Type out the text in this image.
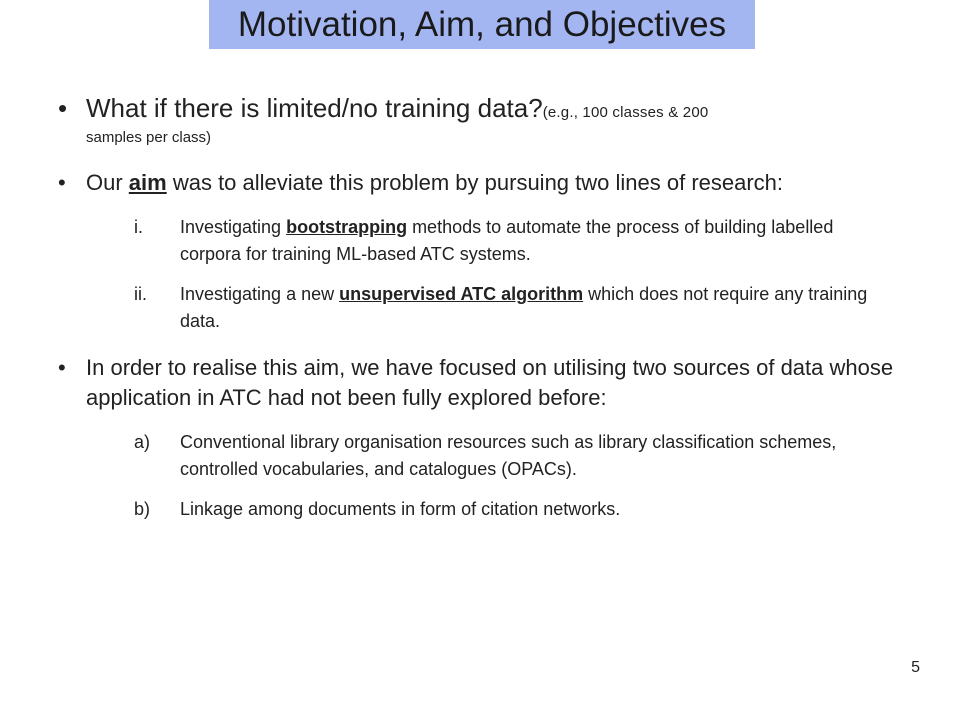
Motivation, Aim, and Objectives
• What if there is limited/no training data?(e.g., 100 classes & 200
samples per class)
• Our aim was to alleviate this problem by pursuing two lines of research:
i. Investigating bootstrapping methods to automate the process of building labelled corpora for training ML-based ATC systems.
ii. Investigating a new unsupervised ATC algorithm which does not require any training data.
• In order to realise this aim, we have focused on utilising two sources of data whose application in ATC had not been fully explored before:
a) Conventional library organisation resources such as library classification schemes, controlled vocabularies, and catalogues (OPACs).
b) Linkage among documents in form of citation networks.
5
